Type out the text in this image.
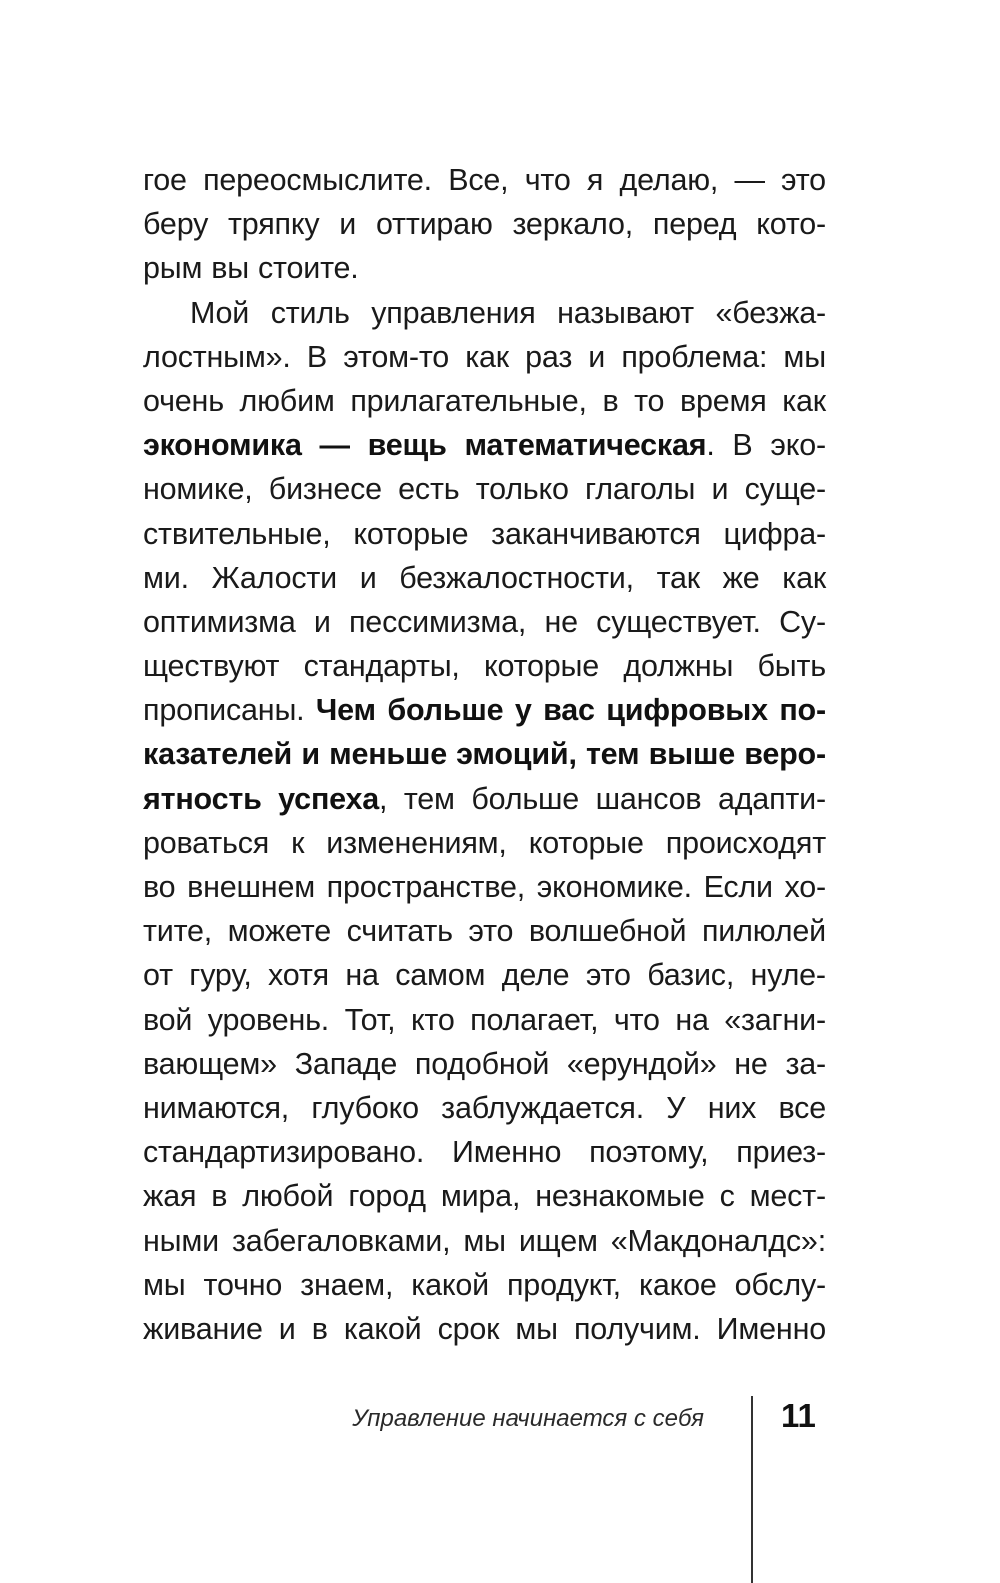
гое переосмыслите. Все, что я делаю, — это
беру тряпку и оттираю зеркало, перед кото-
рым вы стоите.
Мой стиль управления называют «безжа-
лостным». В этом-то как раз и проблема: мы
очень любим прилагательные, в то время как
экономика — вещь математическая. В эко-
номике, бизнесе есть только глаголы и суще-
ствительные, которые заканчиваются цифра-
ми. Жалости и безжалостности, так же как
оптимизма и пессимизма, не существует. Су-
ществуют стандарты, которые должны быть
прописаны. Чем больше у вас цифровых по-
казателей и меньше эмоций, тем выше веро-
ятность успеха, тем больше шансов адапти-
роваться к изменениям, которые происходят
во внешнем пространстве, экономике. Если хо-
тите, можете считать это волшебной пилюлей
от гуру, хотя на самом деле это базис, нуле-
вой уровень. Тот, кто полагает, что на «загни-
вающем» Западе подобной «ерундой» не за-
нимаются, глубоко заблуждается. У них все
стандартизировано. Именно поэтому, приез-
жая в любой город мира, незнакомые с мест-
ными забегаловками, мы ищем «Макдоналдс»:
мы точно знаем, какой продукт, какое обслу-
живание и в какой срок мы получим. Именно
Управление начинается с себя 11
